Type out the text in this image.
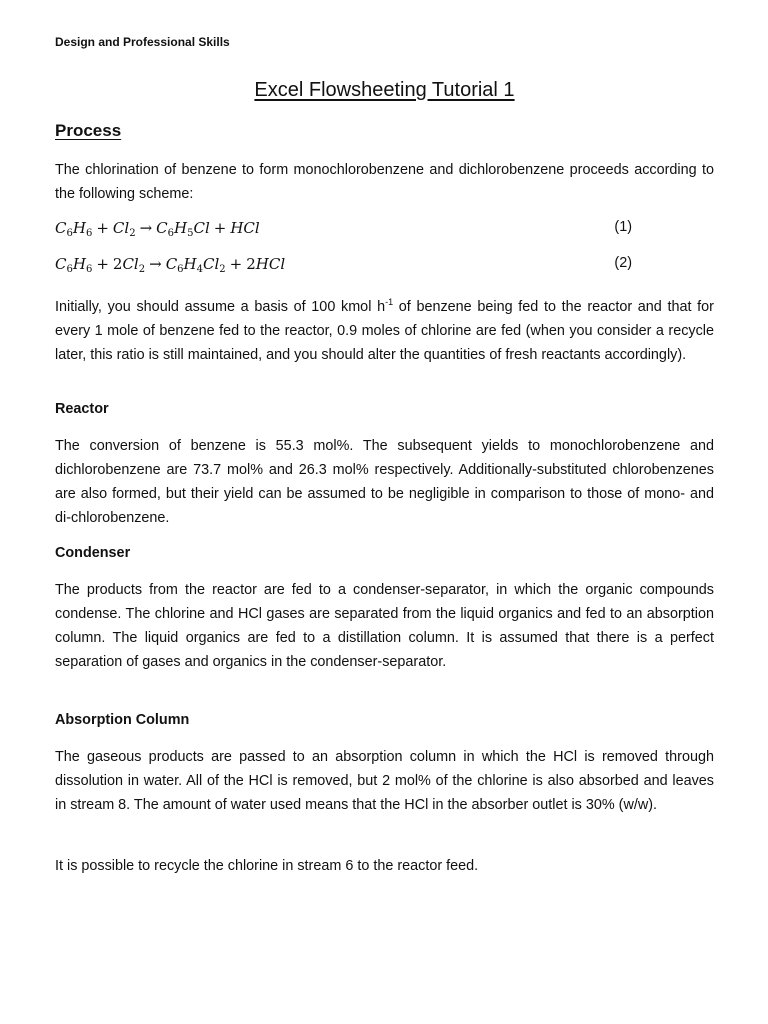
Design and Professional Skills
Excel Flowsheeting Tutorial 1
Process

The chlorination of benzene to form monochlorobenzene and dichlorobenzene proceeds according to the following scheme:

$C_6H_6 + Cl_2 \to C_6H_5Cl$ + HCl	(1)
$C_6H_6 + 2Cl_2 \to C_6H_4Cl_2 + 2HCl$	(2)

Initially, you should assume a basis of 100 kmol $h^{-1}$ of benzene being fed to the reactor and that for every 1 mole of benzene fed to the reactor, 0.9 moles of chlorine are fed (when you consider a recycle later, this ratio is still maintained, and you should alter the quantities of fresh reactants accordingly).

Reactor

The conversion of benzene is 55.3 mol%. The subsequent yields to monochlorobenzene and dichlorobenzene are 73.7 mol% and 26.3 mol% respectively. Additionally-substituted chlorobenzenes are also formed, but their yield can be assumed to be negligible in comparison to those of mono- and di-chlorobenzene.

Condenser

The products from the reactor are fed to a condenser-separator, in which the organic compounds condense. The chlorine and HCl gases are separated from the liquid organics and fed to an absorption column. The liquid organics are fed to a distillation column. It is assumed that there is a perfect separation of gases and organics in the condenser-separator.

Absorption Column

The gaseous products are passed to an absorption column in which the HCl is removed through dissolution in water. All of the HCl is removed, but 2 mol% of the chlorine is also absorbed and leaves in stream 8. The amount of water used means that the HCl in the absorber outlet is 30% (w/w).

It is possible to recycle the chlorine in stream 6 to the reactor feed.
